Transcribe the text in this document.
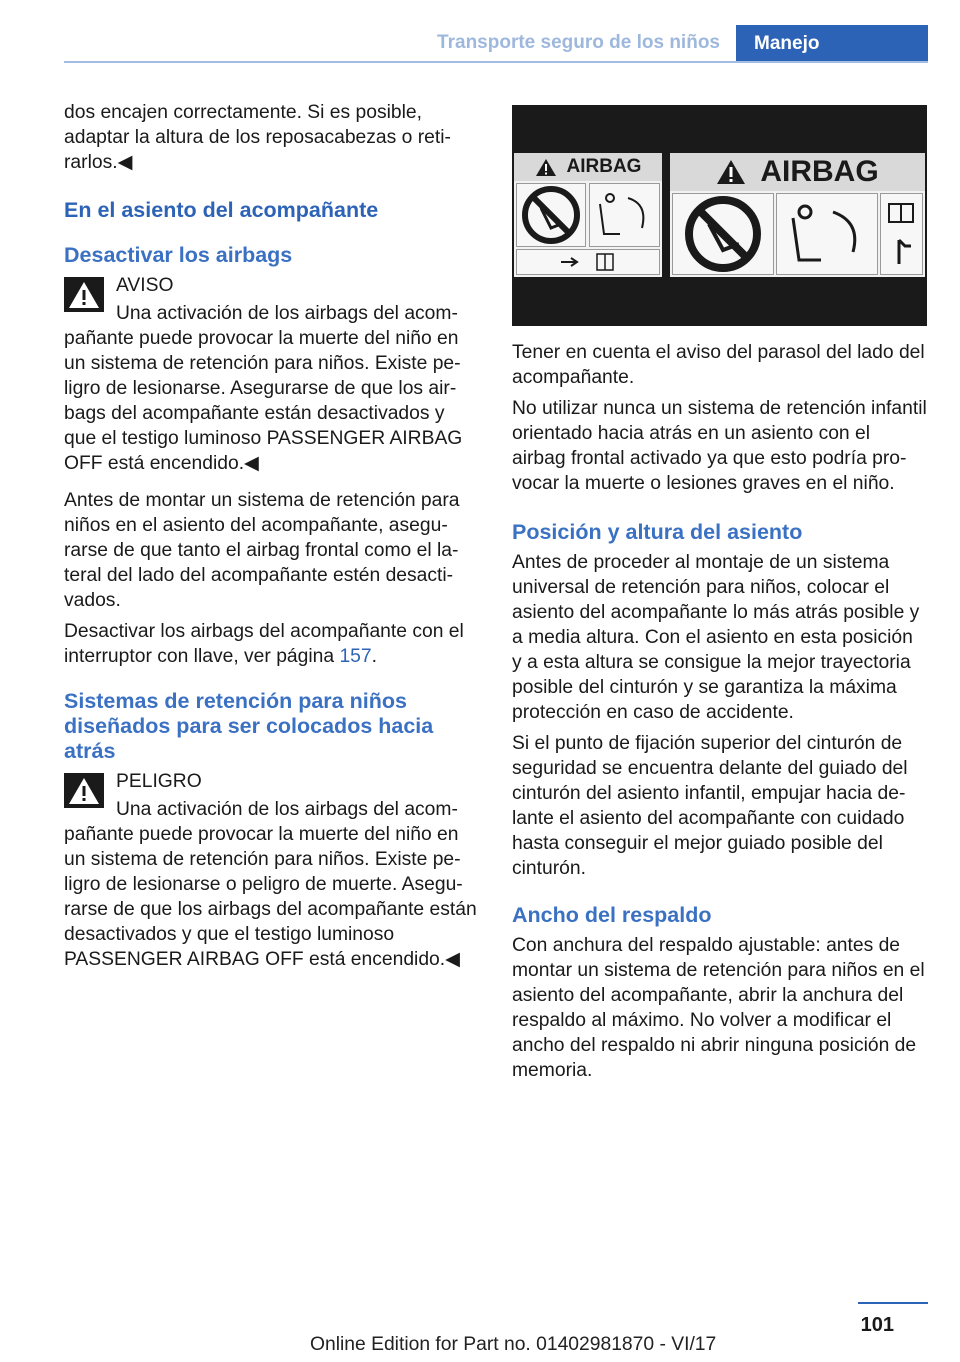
Transporte seguro de los niños	Manejo

dos encajen correctamente. Si es posible, adaptar la altura de los reposacabezas o retirarlos.◀

En el asiento del acompañante
Desactivar los airbags
AVISO

Una activación de los airbags del acompañante puede provocar la muerte del niño en un sistema de retención para niños. Existe peligro de lesionarse. Asegurarse de que los airbags del acompañante están desactivados y que el testigo luminoso PASSENGER AIRBAG OFF está encendido.◀

Antes de montar un sistema de retención para niños en el asiento del acompañante, asegurarse de que tanto el airbag frontal como el lateral del lado del acompañante estén desactivados.

Desactivar los airbags del acompañante con el interruptor con llave, ver página 157.

Sistemas de retención para niños diseñados para ser colocados hacia atrás
PELIGRO

Una activación de los airbags del acompañante puede provocar la muerte del niño en un sistema de retención para niños. Existe peligro de lesionarse o peligro de muerte. Asegurarse de que los airbags del acompañante están desactivados y que el testigo luminoso PASSENGER AIRBAG OFF está encendido.◀

AIRBAG	AIRBAG

Tener en cuenta el aviso del parasol del lado del acompañante.

No utilizar nunca un sistema de retención infantil orientado hacia atrás en un asiento con el airbag frontal activado ya que esto podría provocar la muerte o lesiones graves en el niño.

Posición y altura del asiento

Antes de proceder al montaje de un sistema universal de retención para niños, colocar el asiento del acompañante lo más atrás posible y a media altura. Con el asiento en esta posición y a esta altura se consigue la mejor trayectoria posible del cinturón y se garantiza la máxima protección en caso de accidente.

Si el punto de fijación superior del cinturón de seguridad se encuentra delante del guiado del cinturón del asiento infantil, empujar hacia delante el asiento del acompañante con cuidado hasta conseguir el mejor guiado posible del cinturón.

Ancho del respaldo

Con anchura del respaldo ajustable: antes de montar un sistema de retención para niños en el asiento del acompañante, abrir la anchura del respaldo al máximo. No volver a modificar el ancho del respaldo ni abrir ninguna posición de memoria.

101
Online Edition for Part no. 01402981870 - VI/17
